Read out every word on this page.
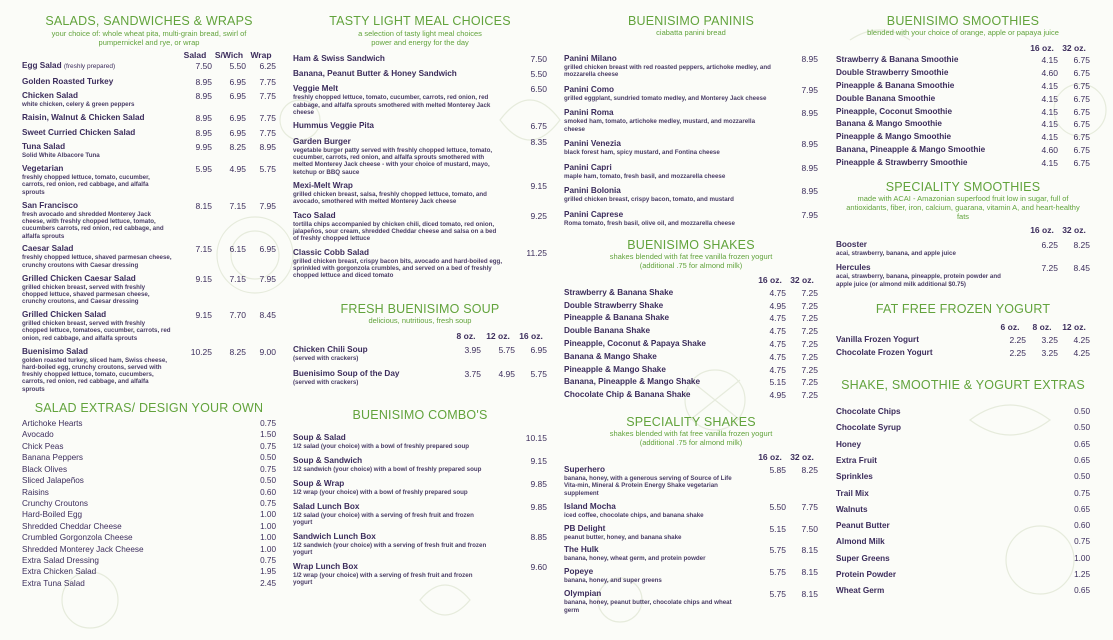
SALADS, SANDWICHES & WRAPS
your choice of: whole wheat pita, multi-grain bread, swirl of pumpernickel and rye, or wrap
Salad	S/Wich Wrap
Egg Salad (freshly prepared)	7.50	5.50	6.25
Golden Roasted Turkey	8.95	6.95	7.75
Chicken Salad
white chicken, celery & green peppers
8.95	6.95	7.75
Raisin, Walnut & Chicken Salad	8.95	6.95	7.75
Sweet Curried Chicken Salad	8.95	6.95	7.75
Tuna Salad
Solid White Albacore Tuna
9.95	8.25	8.95
Vegetarian
freshly chopped lettuce, tomato, cucumber, carrots, red onion, red cabbage, and alfalfa sprouts
5.95	4.95	5.75
San Francisco
fresh avocado and shredded Monterey Jack cheese, with freshly chopped lettuce, tomato, cucumbers carrots, red onion, red cabbage, and alfalfa sprouts
8.15	7.15	7.95
Caesar Salad
freshly chopped lettuce, shaved parmesan cheese, crunchy croutons with Caesar dressing
7.15	6.15	6.95
Grilled Chicken Caesar Salad
grilled chicken breast, served with freshly chopped lettuce, shaved parmesan cheese, crunchy croutons, and Caesar dressing
9.15	7.15	7.95
Grilled Chicken Salad
grilled chicken breast, served with freshly chopped lettuce, tomatoes, cucumber, carrots, red onion, red cabbage, and alfalfa sprouts
9.15	7.70	8.45
Buenisimo Salad
golden roasted turkey, sliced ham, Swiss cheese, hard-boiled egg, crunchy croutons, served with freshly chopped lettuce, tomato, cucumbers, carrots, red onion, red cabbage, and alfalfa sprouts
10.25	8.25	9.00
SALAD EXTRAS/ DESIGN YOUR OWN
Artichoke Hearts	0.75
Avocado	1.50
Chick Peas	0.75
Banana Peppers	0.50
Black Olives	0.75
Sliced Jalapeños	0.50
Raisins	0.60
Crunchy Croutons	0.75
Hard-Boiled Egg	1.00
Shredded Cheddar Cheese	1.00
Crumbled Gorgonzola Cheese	1.00
Shredded Monterey Jack Cheese	1.00
Extra Salad Dressing	0.75
Extra Chicken Salad	1.95
Extra Tuna Salad	2.45
TASTY LIGHT MEAL CHOICES
a selection of tasty light meal choices power and energy for the day
Ham & Swiss Sandwich	7.50
Banana, Peanut Butter & Honey Sandwich	5.50
Veggie Melt
freshly chopped lettuce, tomato, cucumber, carrots, red onion, red cabbage, and alfalfa sprouts smothered with melted Monterey Jack cheese
6.50
Hummus Veggie Pita	6.75
Garden Burger
vegetable burger patty served with freshly chopped lettuce, tomato, cucumber, carrots, red onion, and alfalfa sprouts smothered with melted Monterey Jack cheese - with your choice of mustard, mayo, ketchup or BBQ sauce
8.35
Mexi-Melt Wrap
grilled chicken breast, salsa, freshly chopped lettuce, tomato, and avocado, smothered with melted Monterey Jack cheese
9.15
Taco Salad
tortilla chips accompanied by chicken chili, diced tomato, red onion, jalapeños, sour cream, shredded Cheddar cheese and salsa on a bed of freshly chopped lettuce
9.25
Classic Cobb Salad
grilled chicken breast, crispy bacon bits, avocado and hard-boiled egg, sprinkled with gorgonzola crumbles, and served on a bed of freshly chopped lettuce and diced tomato
11.25
FRESH BUENISIMO SOUP
delicious, nutritious, fresh soup
8 oz.	12 oz.	16 oz.
Chicken Chili Soup
(served with crackers)
3.95	5.75	6.95
Buenisimo Soup of the Day
(served with crackers)
3.75	4.95	5.75
BUENISIMO COMBO'S
Soup & Salad
1/2 salad (your choice) with a bowl of freshly prepared soup
10.15
Soup & Sandwich
1/2 sandwich (your choice) with a bowl of freshly prepared soup
9.15
Soup & Wrap
1/2 wrap (your choice) with a bowl of freshly prepared soup
9.85
Salad Lunch Box
1/2 salad (your choice) with a serving of fresh fruit and frozen yogurt
9.85
Sandwich Lunch Box
1/2 sandwich (your choice) with a serving of fresh fruit and frozen yogurt
8.85
Wrap Lunch Box
1/2 wrap (your choice) with a serving of fresh fruit and frozen yogurt
9.60
BUENISIMO PANINIS
ciabatta panini bread
Panini Milano
grilled chicken breast with red roasted peppers, artichoke medley, and mozzarella cheese
8.95
Panini Como
grilled eggplant, sundried tomato medley, and Monterey Jack cheese
7.95
Panini Roma
smoked ham, tomato, artichoke medley, mustard, and mozzarella cheese
8.95
Panini Venezia
black forest ham, spicy mustard, and Fontina cheese
8.95
Panini Capri
maple ham, tomato, fresh basil, and mozzarella cheese
8.95
Panini Bolonia
grilled chicken breast, crispy bacon, tomato, and mustard
8.95
Panini Caprese
Roma tomato, fresh basil, olive oil, and mozzarella cheese
7.95
BUENISIMO SHAKES
shakes blended with fat free vanilla frozen yogurt (additional .75 for almond milk)
16 oz. 32 oz.
Strawberry & Banana Shake	4.75	7.25
Double Strawberry Shake	4.95	7.25
Pineapple & Banana Shake	4.75	7.25
Double Banana Shake	4.75	7.25
Pineapple, Coconut & Papaya Shake	4.75	7.25
Banana & Mango Shake	4.75	7.25
Pineapple & Mango Shake	4.75	7.25
Banana, Pineapple & Mango Shake	5.15	7.25
Chocolate Chip & Banana Shake	4.95	7.25
SPECIALITY SHAKES
shakes blended with fat free vanilla frozen yogurt (additional .75 for almond milk)
16 oz. 32 oz.
Superhero
banana, honey, with a generous serving of Source of Life Vita-min, Mineral & Protein Energy Shake vegetarian supplement
5.85	8.25
Island Mocha
iced coffee, chocolate chips, and banana shake
5.50	7.75
PB Delight
peanut butter, honey, and banana shake
5.15	7.50
The Hulk
banana, honey, wheat germ, and protein powder
5.75	8.15
Popeye
banana, honey, and super greens
5.75	8.15
Olympian
banana, honey, peanut butter, chocolate chips and wheat germ
5.75	8.15
BUENISIMO SMOOTHIES
blended with your choice of orange, apple or papaya juice
16 oz. 32 oz.
Strawberry & Banana Smoothie	4.15	6.75
Double Strawberry Smoothie	4.60	6.75
Pineapple & Banana Smoothie	4.15	6.75
Double Banana Smoothie	4.15	6.75
Pineapple, Coconut Smoothie	4.15	6.75
Banana & Mango Smoothie	4.15	6.75
Pineapple & Mango Smoothie	4.15	6.75
Banana, Pineapple & Mango Smoothie	4.60	6.75
Pineapple & Strawberry Smoothie	4.15	6.75
SPECIALITY SMOOTHIES
made with ACAI - Amazonian superfood fruit low in sugar, full of antioxidants, fiber, iron, calcium, guarana, vitamin A, and heart-healthy fats
16 oz. 32 oz.
Booster
acai, strawberry, banana, and apple juice
6.25	8.25
Hercules
acai, strawberry, banana, pineapple, protein powder and apple juice (or almond milk additional $0.75)
7.25	8.45
FAT FREE FROZEN YOGURT
6 oz.	8 oz.	12 oz.
Vanilla Frozen Yogurt	2.25	3.25	4.25
Chocolate Frozen Yogurt	2.25	3.25	4.25
SHAKE, SMOOTHIE & YOGURT EXTRAS
Chocolate Chips	0.50
Chocolate Syrup	0.50
Honey	0.65
Extra Fruit	0.65
Sprinkles	0.50
Trail Mix	0.75
Walnuts	0.65
Peanut Butter	0.60
Almond Milk	0.75
Super Greens	1.00
Protein Powder	1.25
Wheat Germ	0.65
